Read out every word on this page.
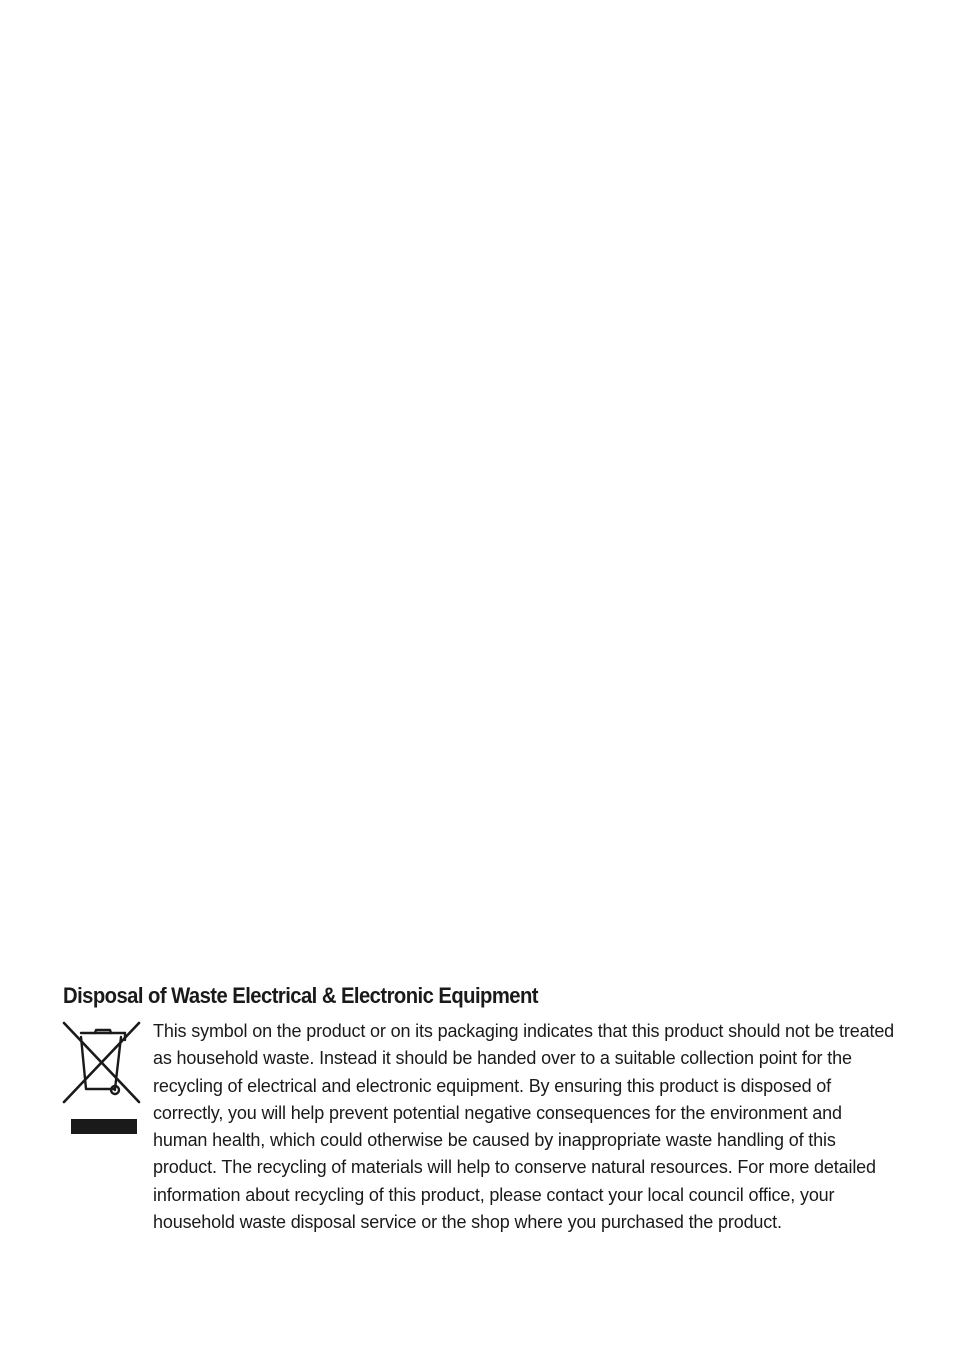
Disposal of Waste Electrical & Electronic Equipment

This symbol on the product or on its packaging indicates that this product should not be treated as household waste. Instead it should be handed over to a suitable collection point for the recycling of electrical and electronic equipment. By ensuring this product is disposed of correctly, you will help prevent potential negative consequences for the environment and human health, which could otherwise be caused by inappropriate waste handling of this product. The recycling of materials will help to conserve natural resources. For more detailed information about recycling of this product, please contact your local council office, your household waste disposal service or the shop where you purchased the product.
